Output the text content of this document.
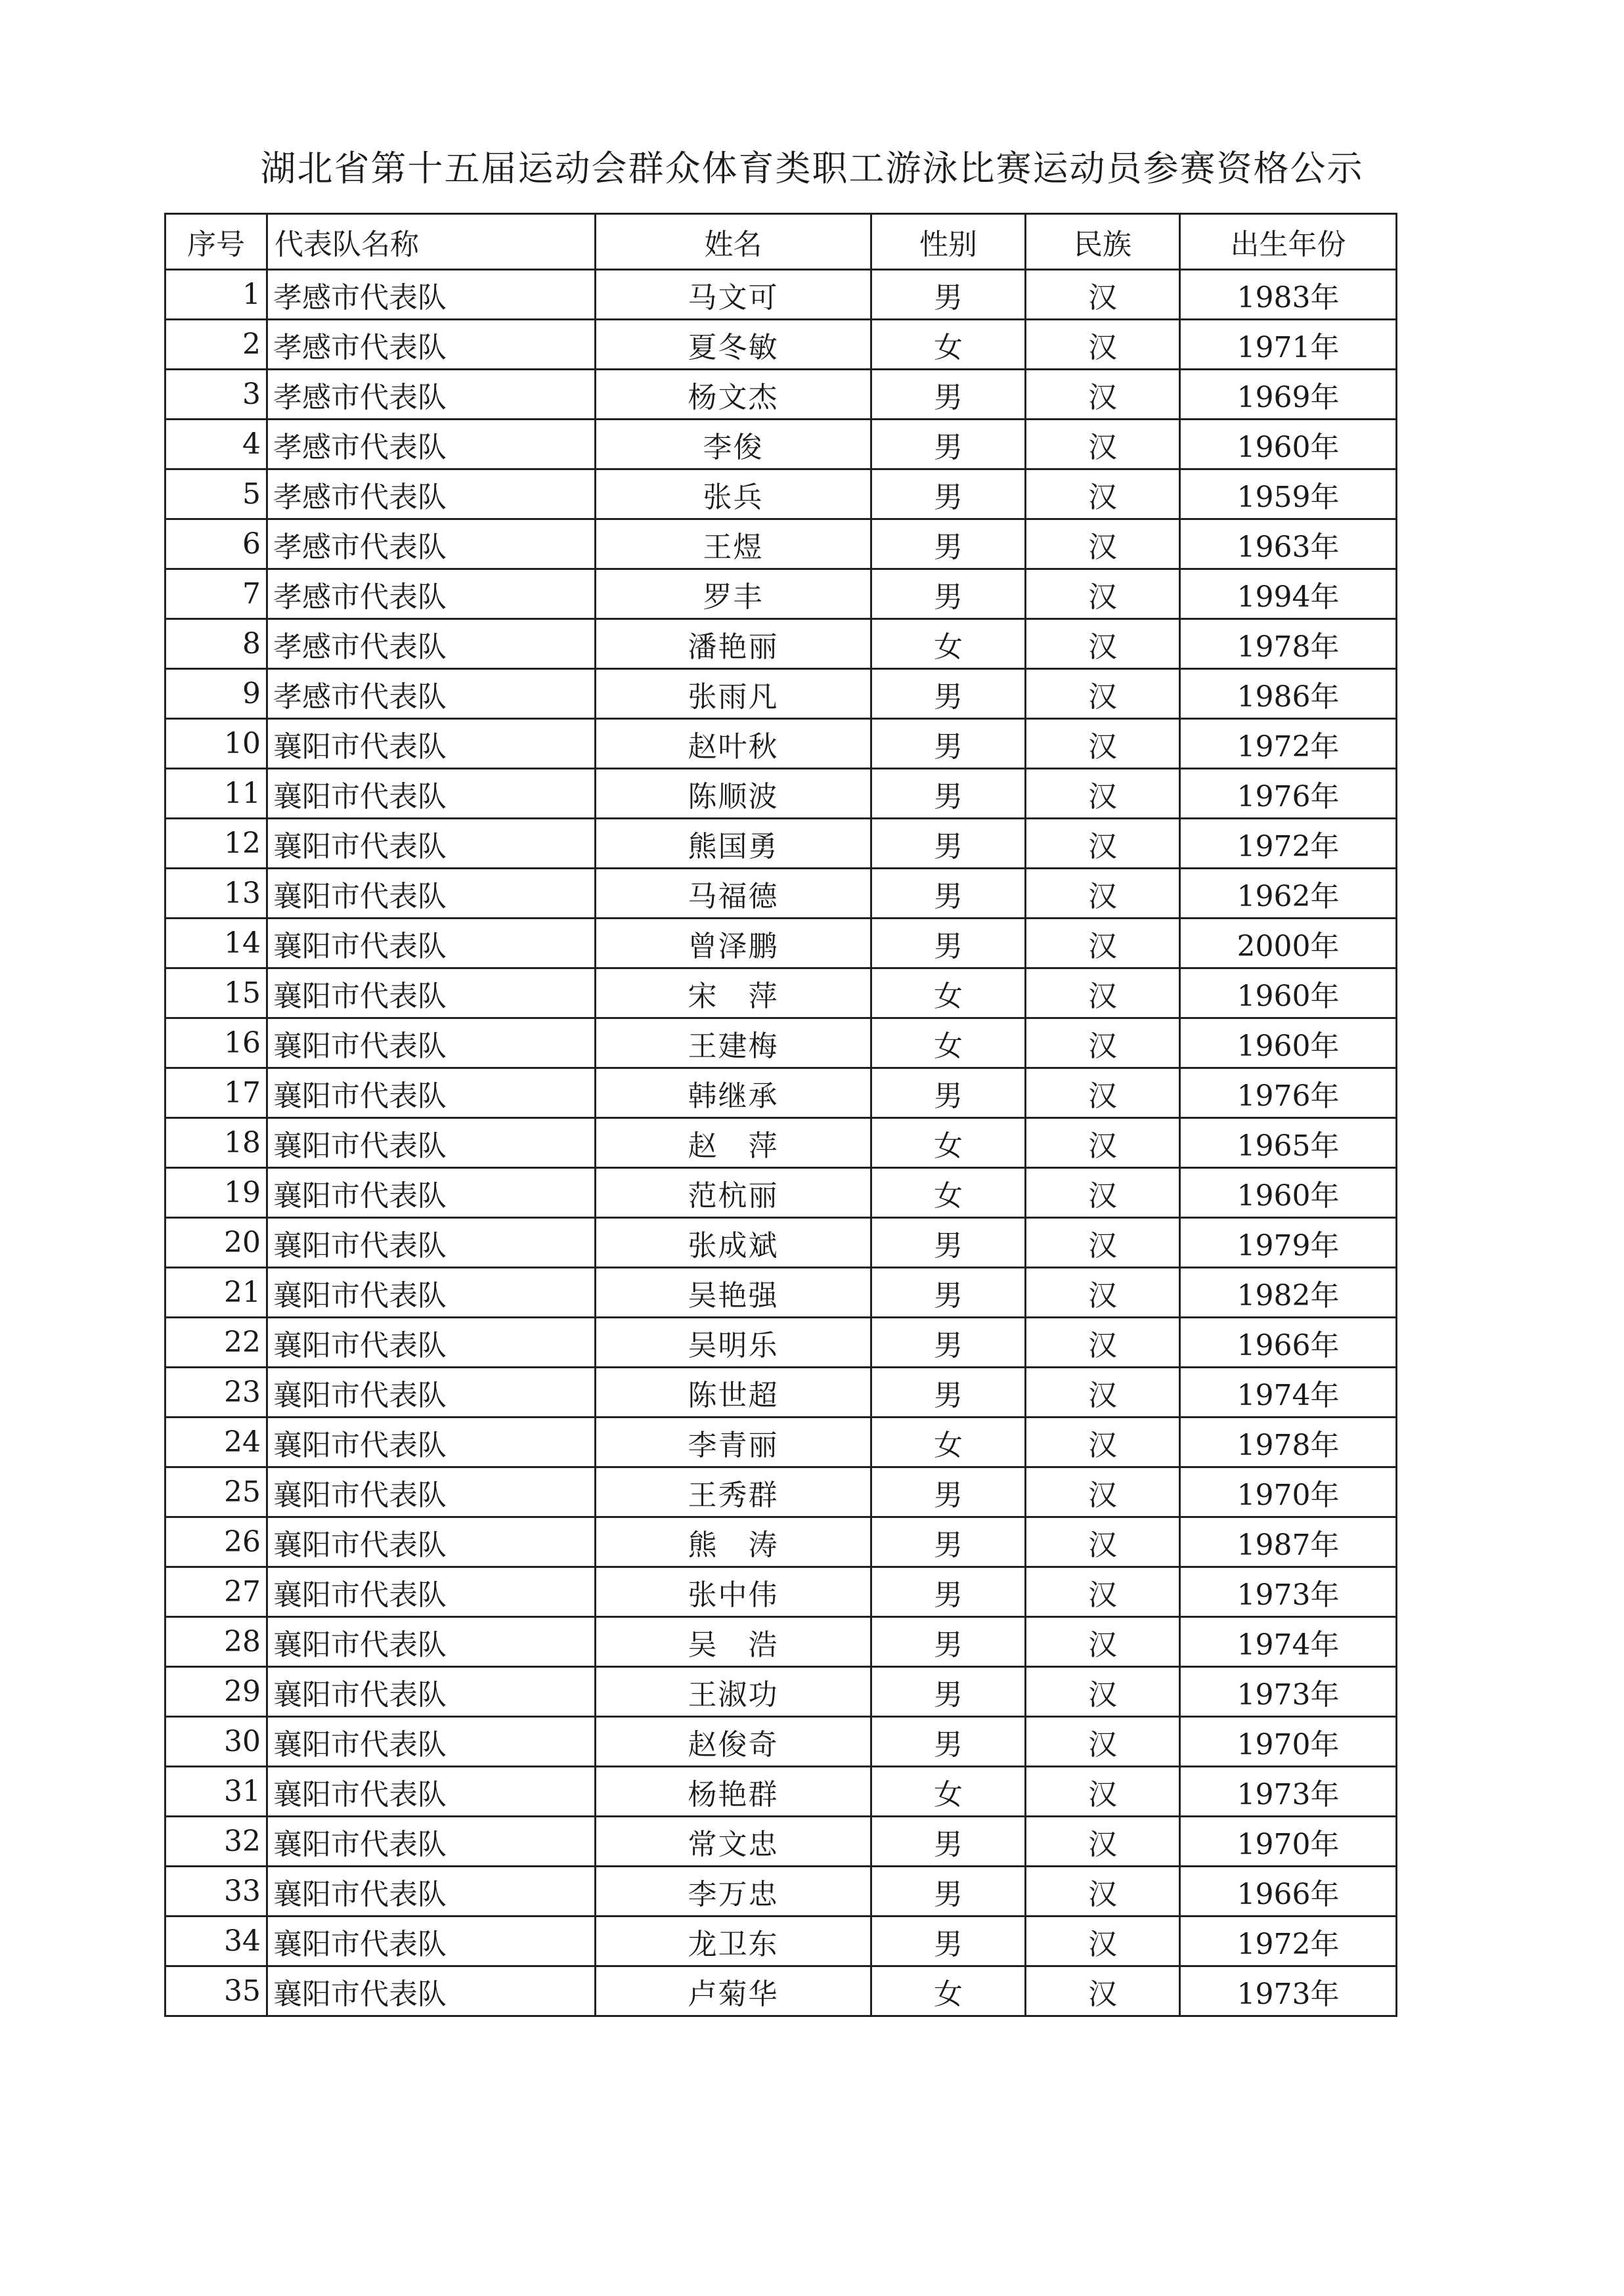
湖北省第十五届运动会群众体育类职工游泳比赛运动员参赛资格公示
序号	代表队名称	姓名	性别	民族	出生年份
1	孝感市代表队	马文可	男	汉	1983年
2	孝感市代表队	夏冬敏	女	汉	1971年
3	孝感市代表队	杨文杰	男	汉	1969年
4	孝感市代表队	李俊	男	汉	1960年
5	孝感市代表队	张兵	男	汉	1959年
6	孝感市代表队	王煜	男	汉	1963年
7	孝感市代表队	罗丰	男	汉	1994年
8	孝感市代表队	潘艳丽	女	汉	1978年
9	孝感市代表队	张雨凡	男	汉	1986年
10	襄阳市代表队	赵叶秋	男	汉	1972年
11	襄阳市代表队	陈顺波	男	汉	1976年
12	襄阳市代表队	熊国勇	男	汉	1972年
13	襄阳市代表队	马福德	男	汉	1962年
14	襄阳市代表队	曾泽鹏	男	汉	2000年
15	襄阳市代表队	宋　萍	女	汉	1960年
16	襄阳市代表队	王建梅	女	汉	1960年
17	襄阳市代表队	韩继承	男	汉	1976年
18	襄阳市代表队	赵　萍	女	汉	1965年
19	襄阳市代表队	范杭丽	女	汉	1960年
20	襄阳市代表队	张成斌	男	汉	1979年
21	襄阳市代表队	吴艳强	男	汉	1982年
22	襄阳市代表队	吴明乐	男	汉	1966年
23	襄阳市代表队	陈世超	男	汉	1974年
24	襄阳市代表队	李青丽	女	汉	1978年
25	襄阳市代表队	王秀群	男	汉	1970年
26	襄阳市代表队	熊　涛	男	汉	1987年
27	襄阳市代表队	张中伟	男	汉	1973年
28	襄阳市代表队	吴　浩	男	汉	1974年
29	襄阳市代表队	王淑功	男	汉	1973年
30	襄阳市代表队	赵俊奇	男	汉	1970年
31	襄阳市代表队	杨艳群	女	汉	1973年
32	襄阳市代表队	常文忠	男	汉	1970年
33	襄阳市代表队	李万忠	男	汉	1966年
34	襄阳市代表队	龙卫东	男	汉	1972年
35	襄阳市代表队	卢菊华	女	汉	1973年
